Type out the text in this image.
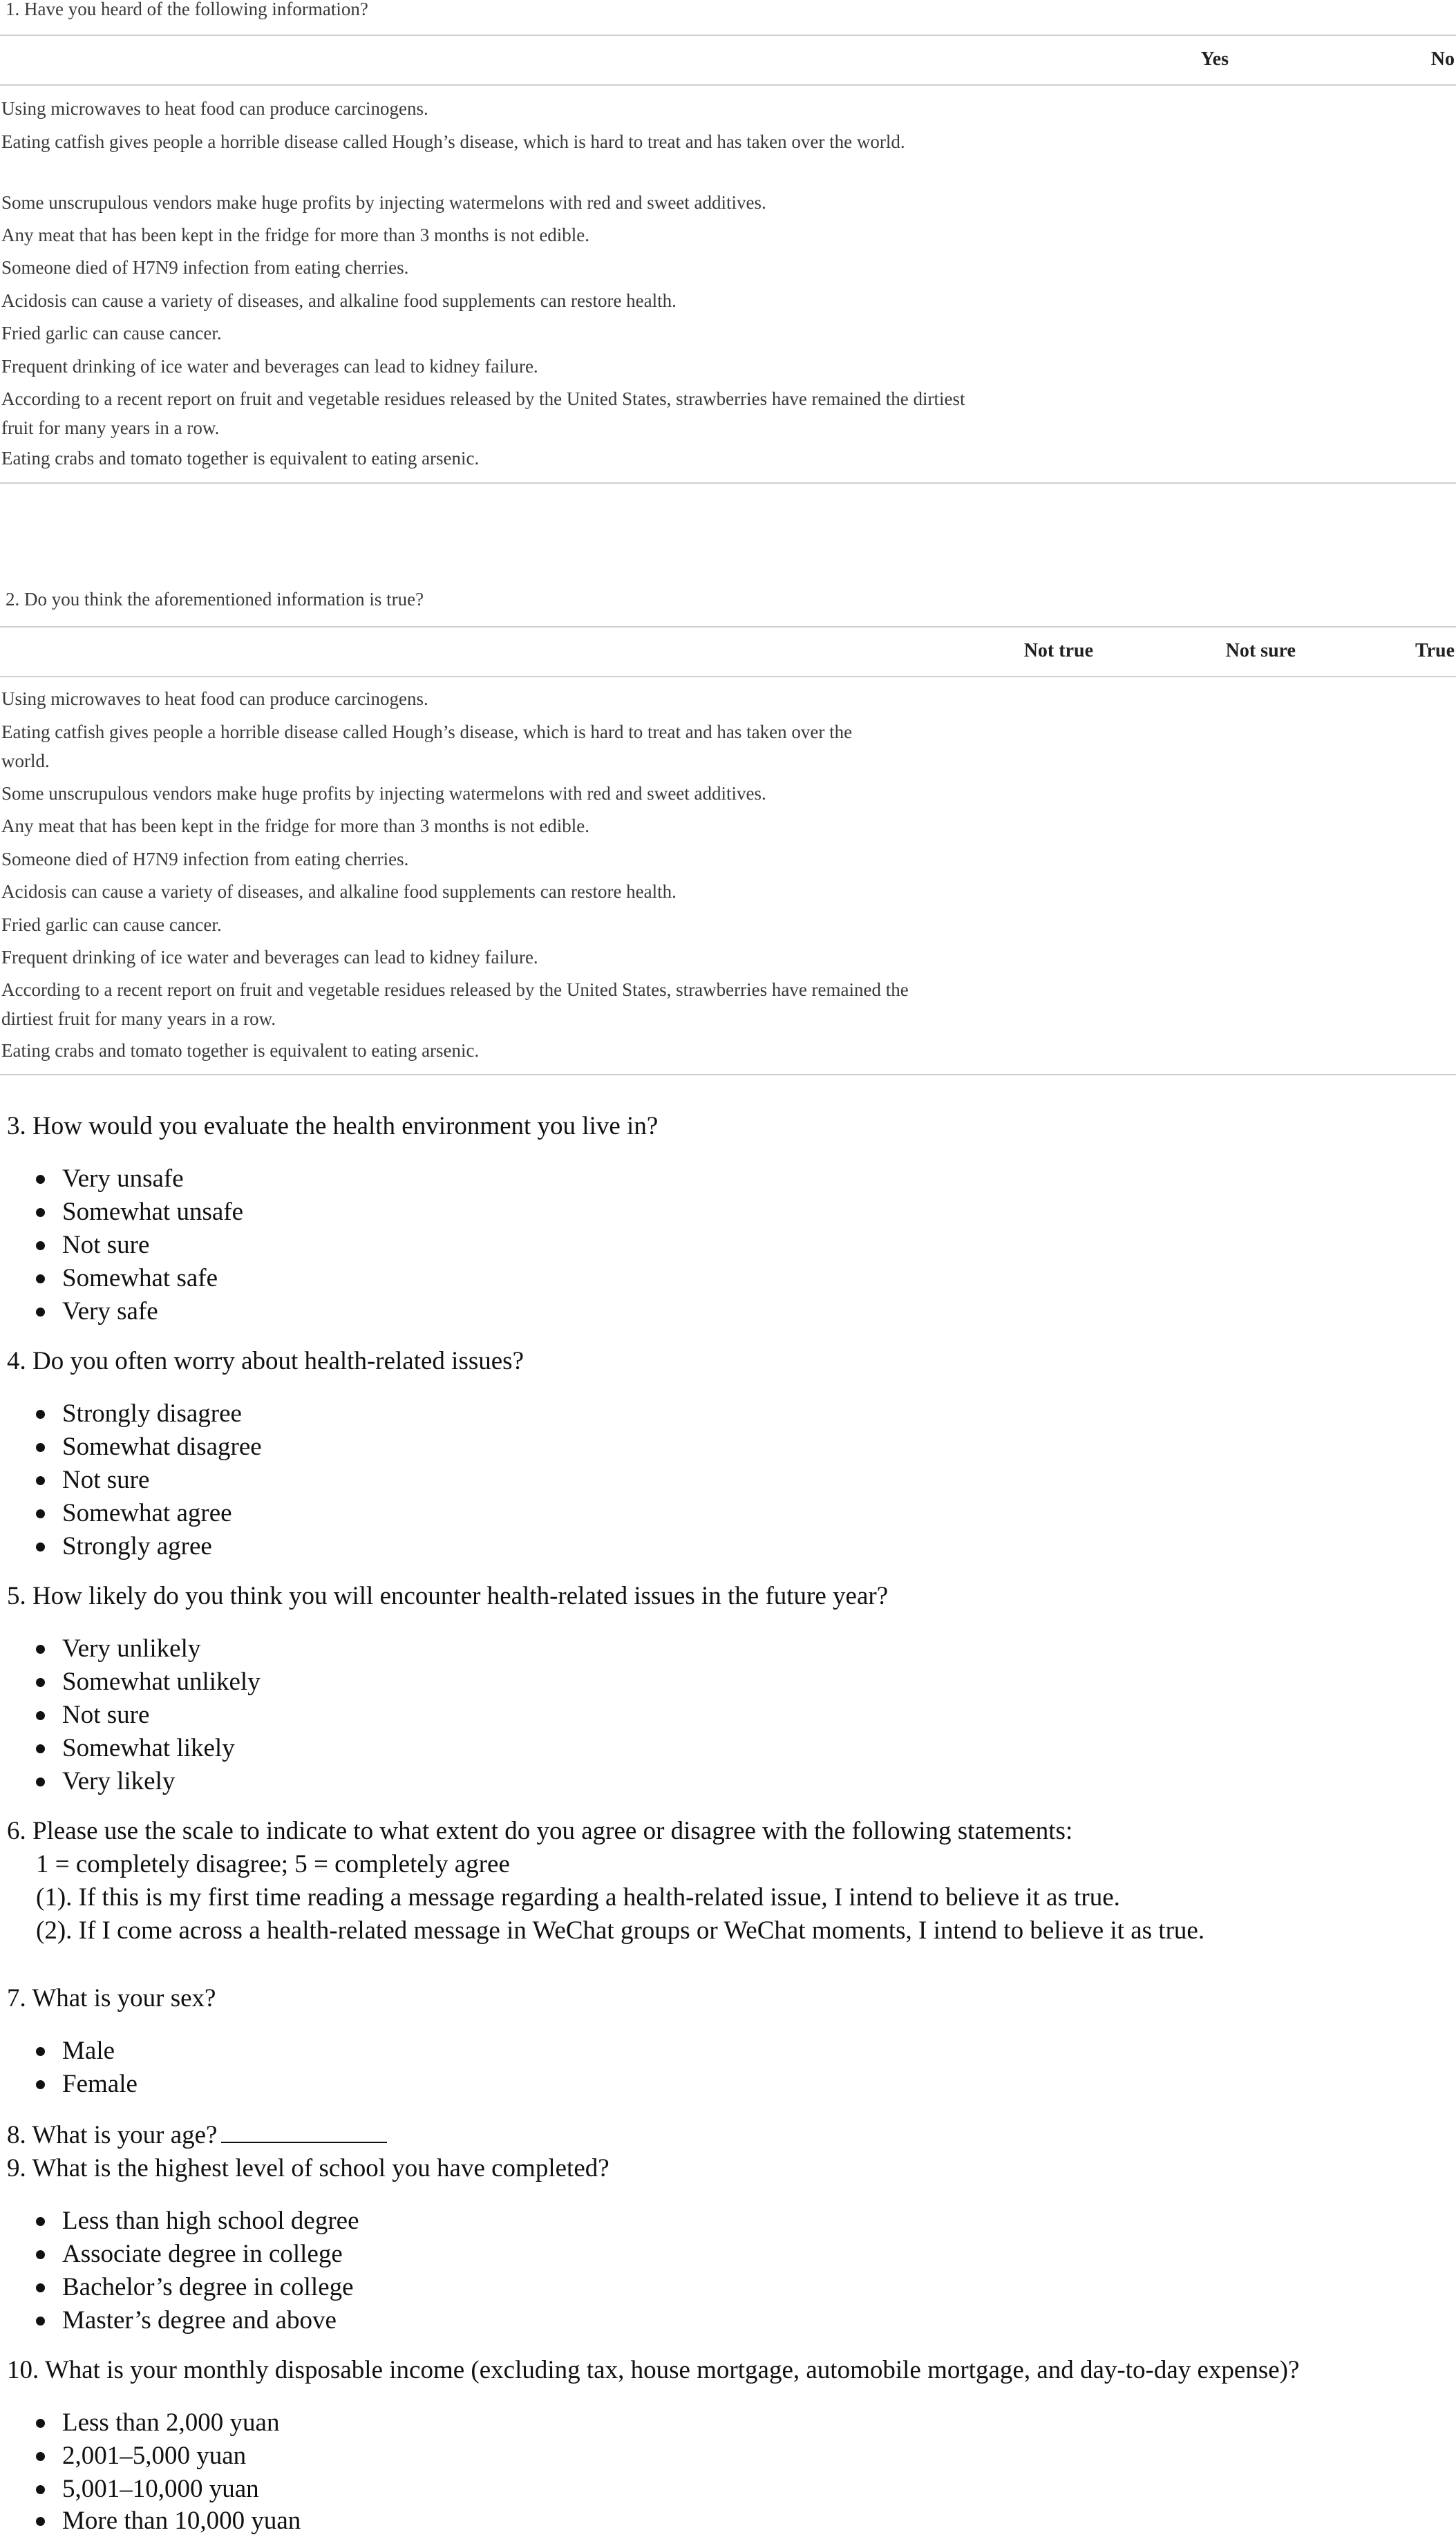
1. Have you heard of the following information?
Yes	No
Using microwaves to heat food can produce carcinogens.
Eating catfish gives people a horrible disease called Hough’s disease, which is hard to treat and has taken over the world.
Some unscrupulous vendors make huge profits by injecting watermelons with red and sweet additives.
Any meat that has been kept in the fridge for more than 3 months is not edible.
Someone died of H7N9 infection from eating cherries.
Acidosis can cause a variety of diseases, and alkaline food supplements can restore health.
Fried garlic can cause cancer.
Frequent drinking of ice water and beverages can lead to kidney failure.
According to a recent report on fruit and vegetable residues released by the United States, strawberries have remained the dirtiest fruit for many years in a row.
Eating crabs and tomato together is equivalent to eating arsenic.
2. Do you think the aforementioned information is true?
Not true	Not sure	True
Using microwaves to heat food can produce carcinogens.
Eating catfish gives people a horrible disease called Hough’s disease, which is hard to treat and has taken over the world.
Some unscrupulous vendors make huge profits by injecting watermelons with red and sweet additives.
Any meat that has been kept in the fridge for more than 3 months is not edible.
Someone died of H7N9 infection from eating cherries.
Acidosis can cause a variety of diseases, and alkaline food supplements can restore health.
Fried garlic can cause cancer.
Frequent drinking of ice water and beverages can lead to kidney failure.
According to a recent report on fruit and vegetable residues released by the United States, strawberries have remained the dirtiest fruit for many years in a row.
Eating crabs and tomato together is equivalent to eating arsenic.
3. How would you evaluate the health environment you live in?
Very unsafe
Somewhat unsafe
Not sure
Somewhat safe
Very safe
4. Do you often worry about health-related issues?
Strongly disagree
Somewhat disagree
Not sure
Somewhat agree
Strongly agree
5. How likely do you think you will encounter health-related issues in the future year?
Very unlikely
Somewhat unlikely
Not sure
Somewhat likely
Very likely
6. Please use the scale to indicate to what extent do you agree or disagree with the following statements:
1 = completely disagree; 5 = completely agree
(1). If this is my first time reading a message regarding a health-related issue, I intend to believe it as true.
(2). If I come across a health-related message in WeChat groups or WeChat moments, I intend to believe it as true.
7. What is your sex?
Male
Female
8. What is your age?
9. What is the highest level of school you have completed?
Less than high school degree
Associate degree in college
Bachelor’s degree in college
Master’s degree and above
10. What is your monthly disposable income (excluding tax, house mortgage, automobile mortgage, and day-to-day expense)?
Less than 2,000 yuan
2,001–5,000 yuan
5,001–10,000 yuan
More than 10,000 yuan
